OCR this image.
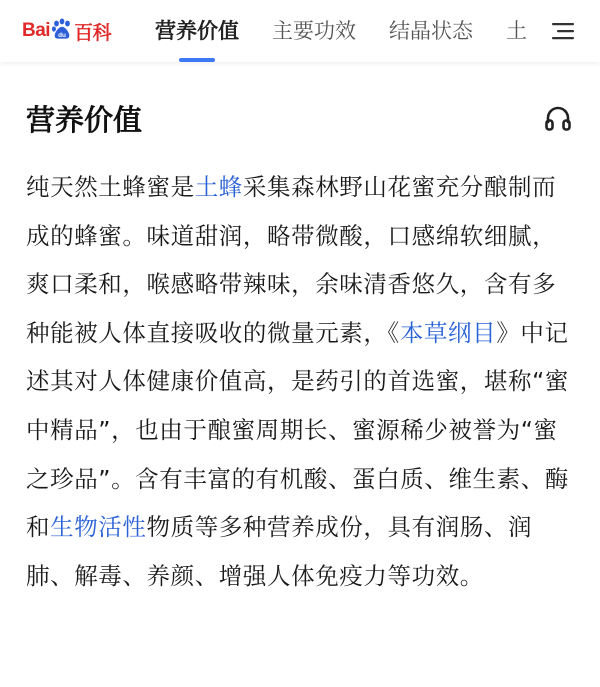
Bai du 百科 营养价值 主要功效 结晶状态 土
营养价值

纯天然土蜂蜜是土蜂采集森林野山花蜜充分酿制而成的蜂蜜。味道甜润，略带微酸，口感绵软细腻，爽口柔和，喉感略带辣味，余味清香悠久，含有多种能被人体直接吸收的微量元素，《本草纲目》中记述其对人体健康价值高，是药引的首选蜜，堪称“蜜中精品”，也由于酿蜜周期长、蜜源稀少被誉为“蜜之珍品”。含有丰富的有机酸、蛋白质、维生素、酶和生物活性物质等多种营养成份，具有润肠、润肺、解毒、养颜、增强人体免疫力等功效。
